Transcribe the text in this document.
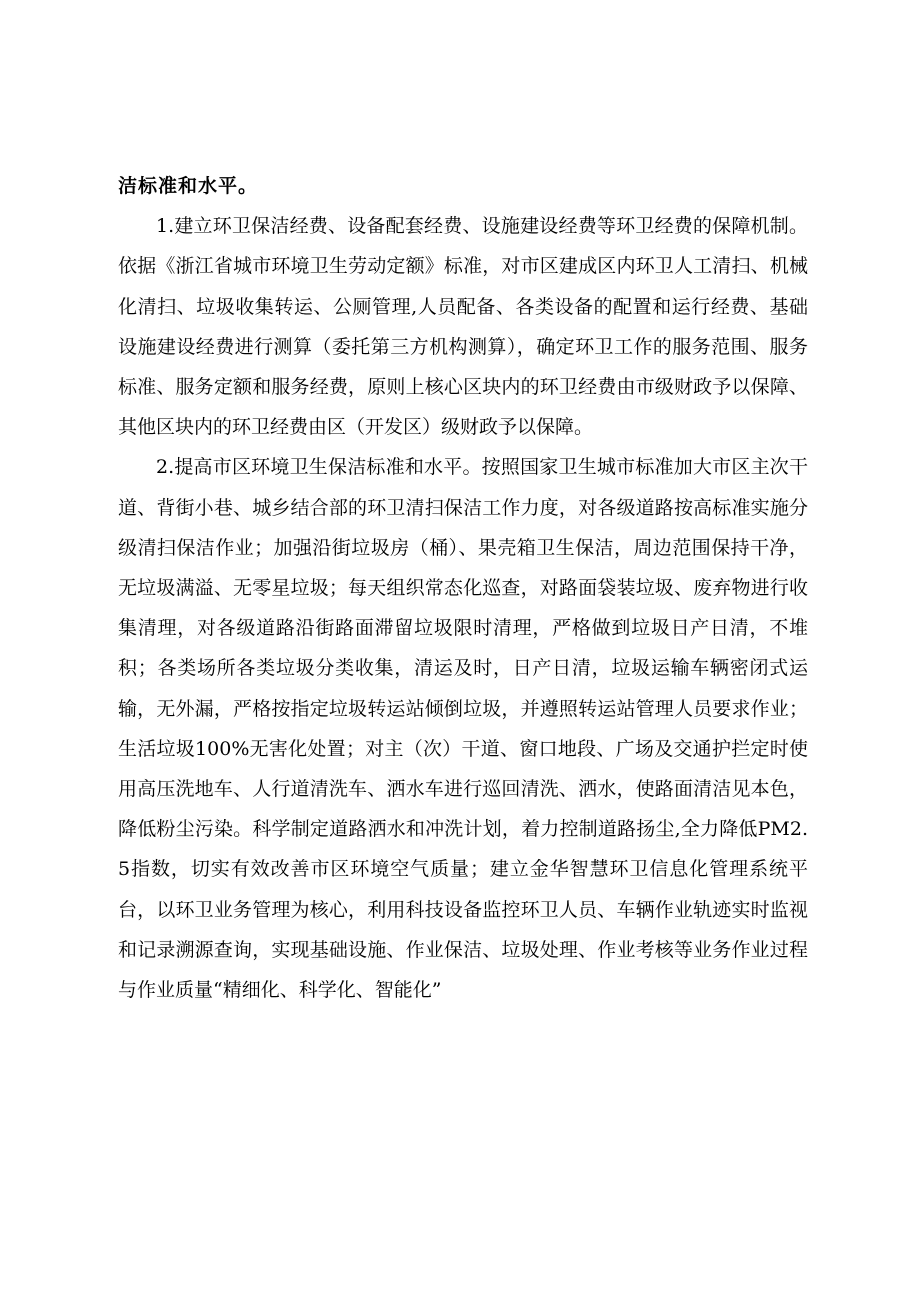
洁标准和水平。

1.建立环卫保洁经费、设备配套经费、设施建设经费等环卫经费的保障机制。依据《浙江省城市环境卫生劳动定额》标准，对市区建成区内环卫人工清扫、机械化清扫、垃圾收集转运、公厕管理,人员配备、各类设备的配置和运行经费、基础设施建设经费进行测算（委托第三方机构测算），确定环卫工作的服务范围、服务标准、服务定额和服务经费，原则上核心区块内的环卫经费由市级财政予以保障、其他区块内的环卫经费由区（开发区）级财政予以保障。

2.提高市区环境卫生保洁标准和水平。按照国家卫生城市标准加大市区主次干道、背街小巷、城乡结合部的环卫清扫保洁工作力度，对各级道路按高标准实施分级清扫保洁作业；加强沿街垃圾房（桶）、果壳箱卫生保洁，周边范围保持干净，无垃圾满溢、无零星垃圾；每天组织常态化巡查，对路面袋装垃圾、废弃物进行收集清理，对各级道路沿街路面滞留垃圾限时清理，严格做到垃圾日产日清，不堆积；各类场所各类垃圾分类收集，清运及时，日产日清，垃圾运输车辆密闭式运输，无外漏，严格按指定垃圾转运站倾倒垃圾，并遵照转运站管理人员要求作业；生活垃圾100%无害化处置；对主（次）干道、窗口地段、广场及交通护拦定时使用高压洗地车、人行道清洗车、洒水车进行巡回清洗、洒水，使路面清洁见本色，降低粉尘污染。科学制定道路洒水和冲洗计划，着力控制道路扬尘,全力降低PM2.5指数，切实有效改善市区环境空气质量；建立金华智慧环卫信息化管理系统平台，以环卫业务管理为核心，利用科技设备监控环卫人员、车辆作业轨迹实时监视和记录溯源查询，实现基础设施、作业保洁、垃圾处理、作业考核等业务作业过程与作业质量“精细化、科学化、智能化”
